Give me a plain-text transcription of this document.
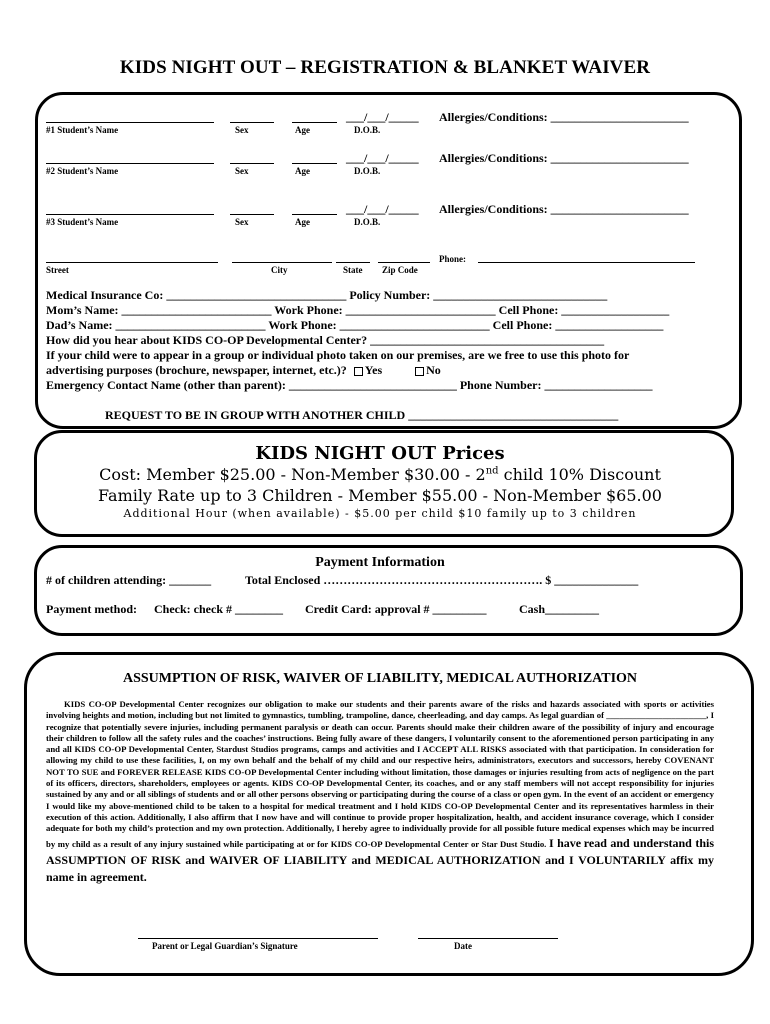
KIDS NIGHT OUT – REGISTRATION & BLANKET WAIVER
___/___/_____ Allergies/Conditions: _______________________
#1 Student’s Name	Sex	Age	D.O.B.
___/___/_____ Allergies/Conditions: _______________________
#2 Student’s Name	Sex	Age	D.O.B.
___/___/_____ Allergies/Conditions: _______________________
#3 Student’s Name	Sex	Age	D.O.B.
Phone:
Street	City	State Zip Code
Medical Insurance Co: ______________________________ Policy Number: _____________________________
Mom’s Name: _________________________ Work Phone: _________________________ Cell Phone: __________________
Dad’s Name: _________________________ Work Phone: _________________________ Cell Phone: __________________
How did you hear about KIDS CO-OP Developmental Center? _______________________________________
If your child were to appear in a group or individual photo taken on our premises, are we free to use this photo for
advertising purposes (brochure, newspaper, internet, etc.)? Yes	No
Emergency Contact Name (other than parent): ____________________________ Phone Number: __________________
REQUEST TO BE IN GROUP WITH ANOTHER CHILD ___________________________________
KIDS NIGHT OUT Prices
Cost: Member $25.00 - Non-Member $30.00 - 2nd child 10% Discount
Family Rate up to 3 Children - Member $55.00 - Non-Member $65.00
Additional Hour (when available) - $5.00 per child $10 family up to 3 children
Payment Information
# of children attending: _______	Total Enclosed ………………………………………………. $ ______________
Payment method: Check: check # ________ Credit Card: approval # _________	Cash_________
ASSUMPTION OF RISK, WAIVER OF LIABILITY, MEDICAL AUTHORIZATION

KIDS CO-OP Developmental Center recognizes our obligation to make our students and their parents aware of the risks and hazards associated with sports or activities involving heights and motion, including but not limited to gymnastics, tumbling, trampoline, dance, cheerleading, and day camps. As legal guardian of _______________________, I recognize that potentially severe injuries, including permanent paralysis or death can occur. Parents should make their children aware of the possibility of injury and encourage their children to follow all the safety rules and the coaches’ instructions. Being fully aware of these dangers, I voluntarily consent to the aforementioned person participating in any and all KIDS CO-OP Developmental Center, Stardust Studios programs, camps and activities and I ACCEPT ALL RISKS associated with that participation. In consideration for allowing my child to use these facilities, I, on my own behalf and the behalf of my child and our respective heirs, administrators, executors and successors, hereby COVENANT NOT TO SUE and FOREVER RELEASE KIDS CO-OP Developmental Center including without limitation, those damages or injuries resulting from acts of negligence on the part of its officers, directors, shareholders, employees or agents. KIDS CO-OP Developmental Center, its coaches, and or any staff members will not accept responsibility for injuries sustained by any and or all siblings of students and or all other persons observing or participating during the course of a class or open gym. In the event of an accident or emergency I would like my above-mentioned child to be taken to a hospital for medical treatment and I hold KIDS CO-OP Developmental Center and its representatives harmless in their execution of this action. Additionally, I also affirm that I now have and will continue to provide proper hospitalization, health, and accident insurance coverage, which I consider adequate for both my child’s protection and my own protection. Additionally, I hereby agree to individually provide for all possible future medical expenses which may be incurred by my child as a result of any injury sustained while participating at or for KIDS CO-OP Developmental Center or Star Dust Studio. I have read and understand this ASSUMPTION OF RISK and WAIVER OF LIABILITY and MEDICAL AUTHORIZATION and I VOLUNTARILY affix my name in agreement.

Parent or Legal Guardian’s Signature	Date
